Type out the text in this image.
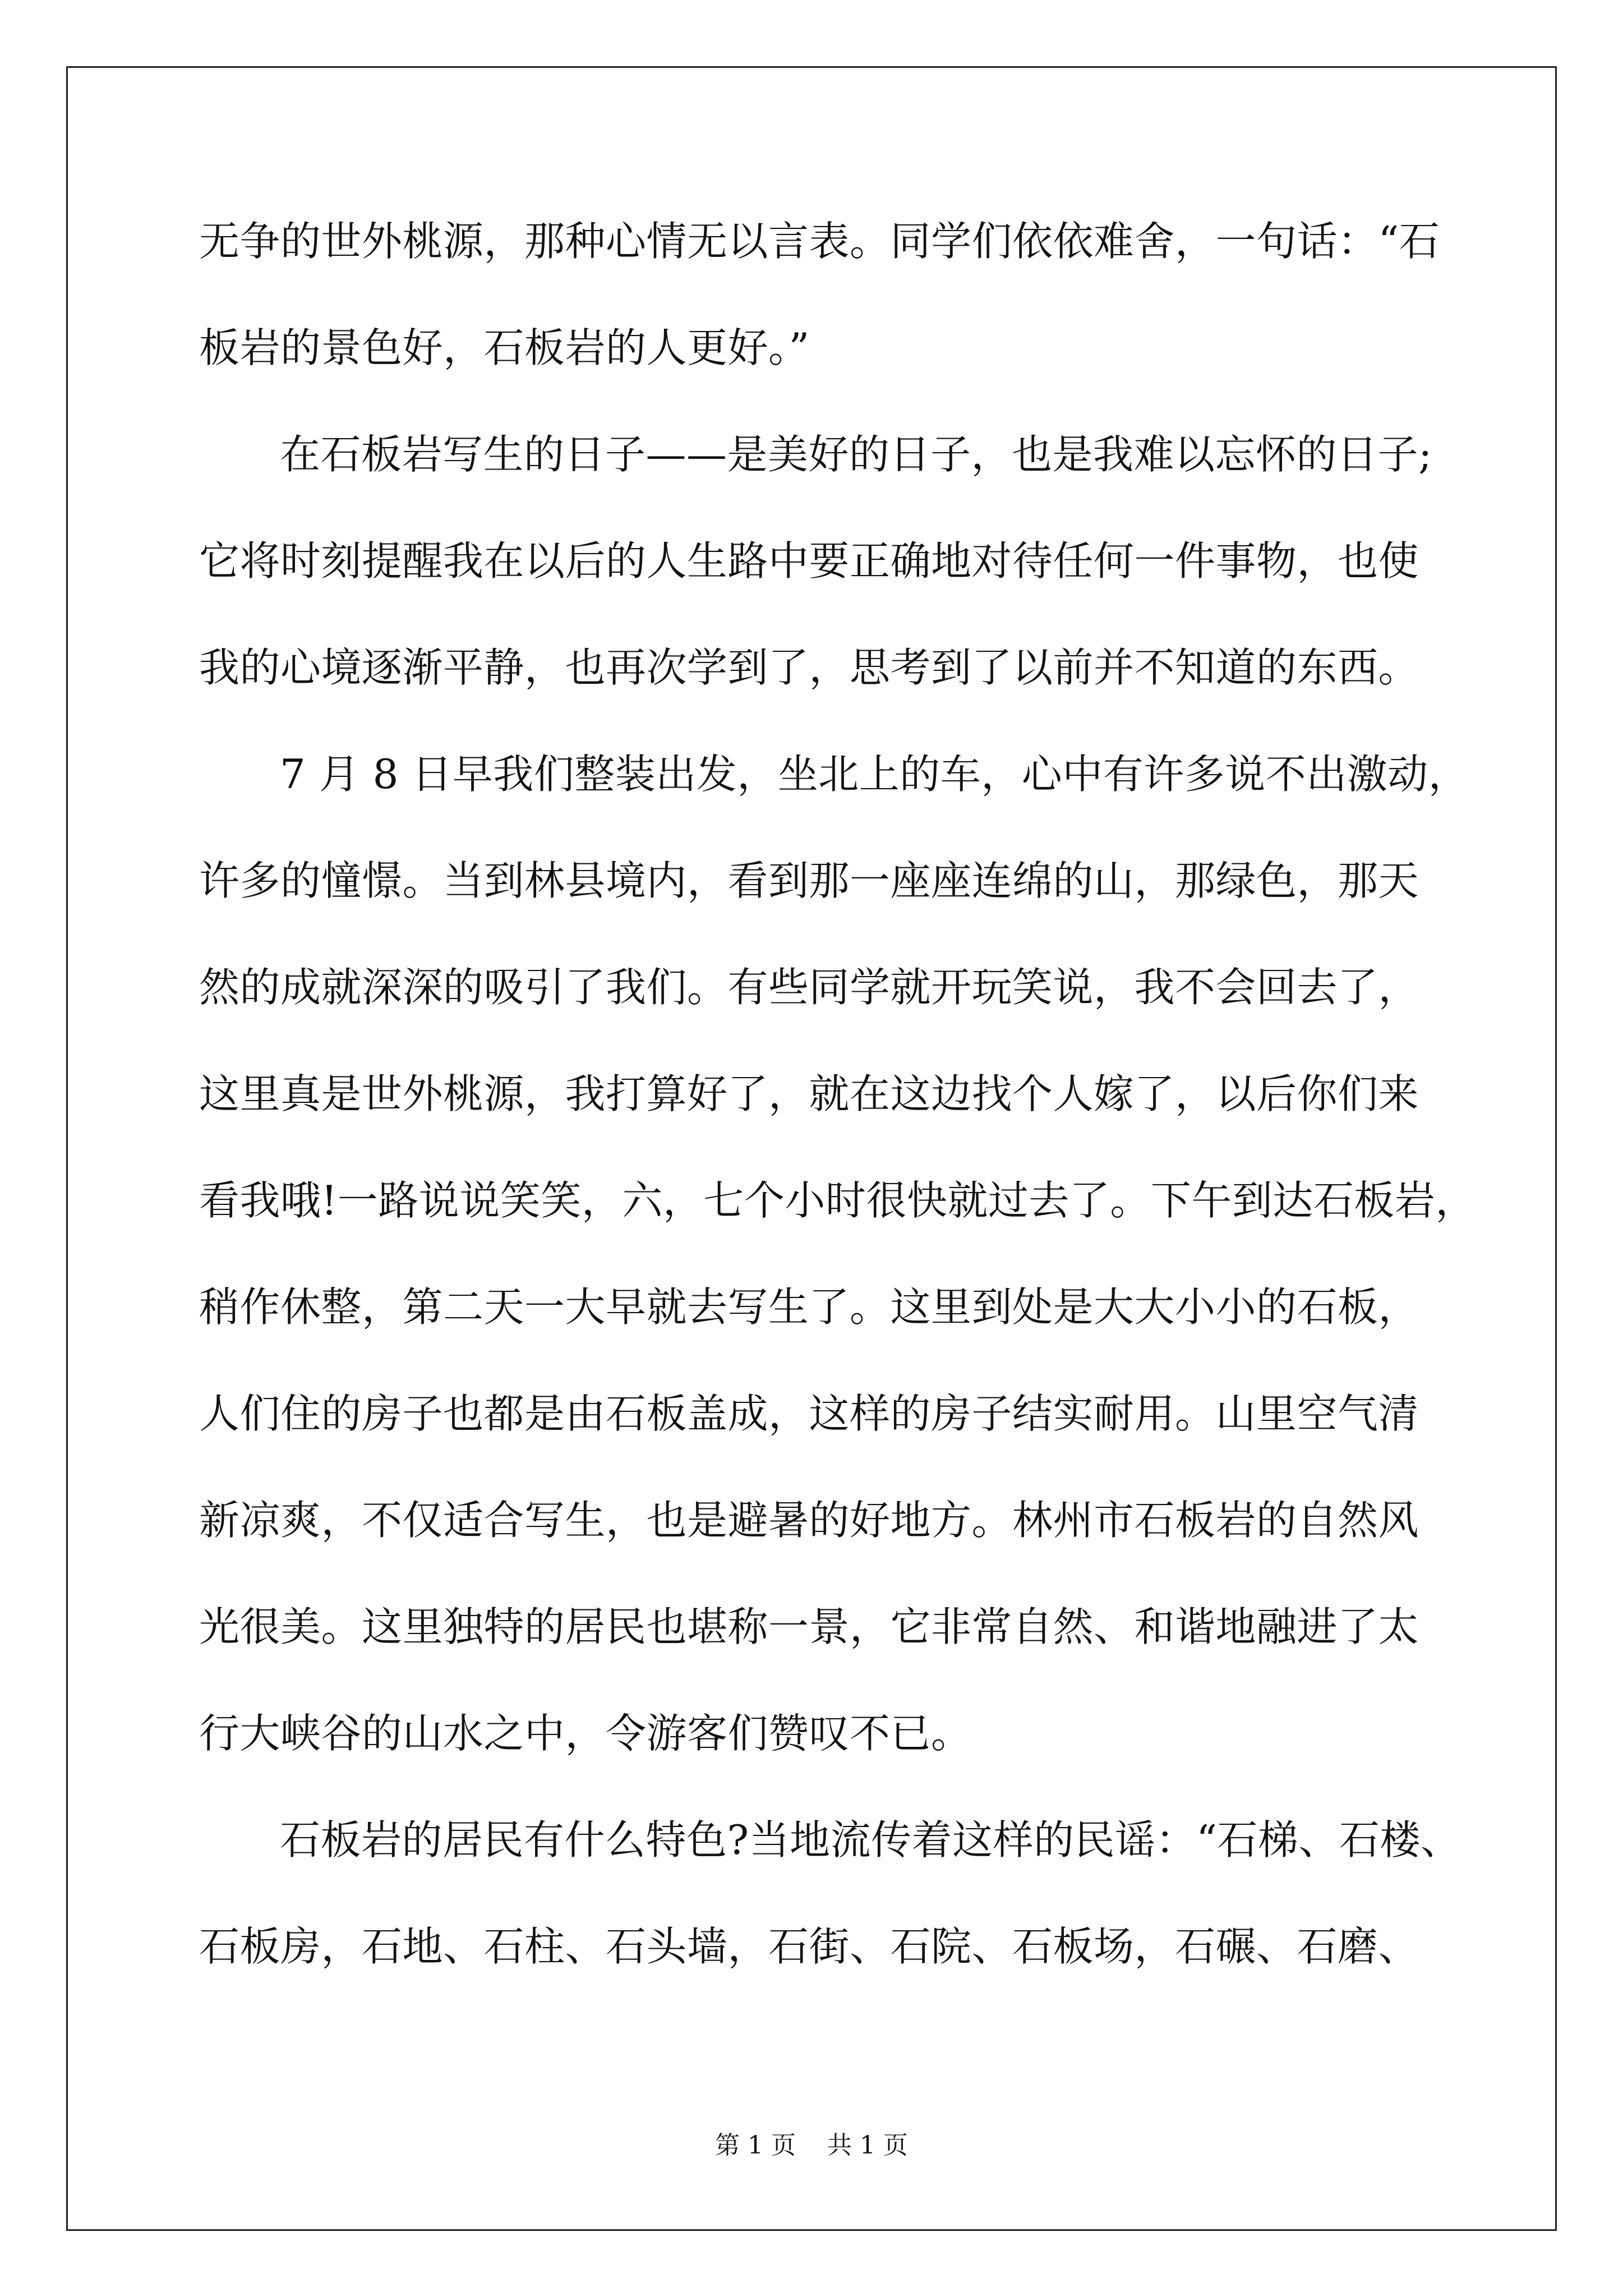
无争的世外桃源，那种心情无以言表。同学们依依难舍，一句话：“石
板岩的景色好，石板岩的人更好。”
在石板岩写生的日子——是美好的日子，也是我难以忘怀的日子;
它将时刻提醒我在以后的人生路中要正确地对待任何一件事物，也使
我的心境逐渐平静，也再次学到了，思考到了以前并不知道的东西。
7 月 8 日早我们整装出发，坐北上的车，心中有许多说不出激动，
许多的憧憬。当到林县境内，看到那一座座连绵的山，那绿色，那天
然的成就深深的吸引了我们。有些同学就开玩笑说，我不会回去了，
这里真是世外桃源，我打算好了，就在这边找个人嫁了，以后你们来
看我哦!一路说说笑笑，六，七个小时很快就过去了。下午到达石板岩，
稍作休整，第二天一大早就去写生了。这里到处是大大小小的石板，
人们住的房子也都是由石板盖成，这样的房子结实耐用。山里空气清
新凉爽，不仅适合写生，也是避暑的好地方。林州市石板岩的自然风
光很美。这里独特的居民也堪称一景，它非常自然、和谐地融进了太
行大峡谷的山水之中，令游客们赞叹不已。
石板岩的居民有什么特色?当地流传着这样的民谣：“石梯、石楼、
石板房，石地、石柱、石头墙，石街、石院、石板场，石碾、石磨、
第 1 页 共 1 页
